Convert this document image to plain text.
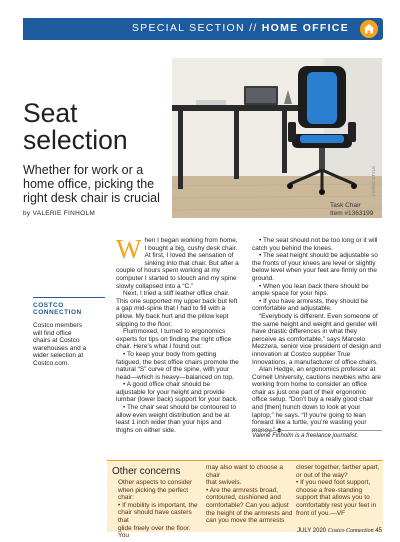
SPECIAL SECTION // HOME OFFICE
LIVING STYLE
Task Chair
Item #1363199
Seat
selection
Whether for work or a
home office, picking the
right desk chair is crucial
by VALERIE FINHOLM
COSTCO
CONNECTION
Costco members
will find office
chairs at Costco
warehouses and a
wider selection at
Costco.com.

When I began working from home, I bought a big, cushy desk chair. At first, I loved the sensation of sinking into that chair. But after a couple of hours spent working at my computer I started to slouch and my spine slowly collapsed into a “C.”

Next, I tried a stiff leather office chair. This one supported my upper back but left a gap mid-spine that I had to fill with a pillow. My back hurt and the pillow kept slipping to the floor.

Flummoxed, I turned to ergonomics experts for tips on finding the right office chair. Here’s what I found out:

• To keep your body from getting fatigued, the best office chairs promote the natural “S” curve of the spine, with your head—which is heavy—balanced on top.

• A good office chair should be adjustable for your height and provide lumbar (lower back) support for your back.

• The chair seat should be contoured to allow even weight distribution and be at least 1 inch wider than your hips and thighs on either side.

• The seat should not be too long or it will catch you behind the knees.

• The seat height should be adjustable so the fronts of your knees are level or slightly below level when your feet are firmly on the ground.

• When you lean back there should be ample space for your hips.

• If you have armrests, they should be comfortable and adjustable.

“Everybody is different. Even someone of the same height and weight and gender will have drastic differences in what they perceive as comfortable,” says Marcelo Mezzera, senior vice president of design and innovation at Costco supplier True Innovations, a manufacturer of office chairs.

Alan Hedge, an ergonomics professor at Cornell University, cautions newbies who are working from home to consider an office chair as just one part of their ergonomic office setup. “Don’t buy a really good chair and [then] hunch down to look at your laptop,” he says. “If you’re going to lean forward like a turtle, you’re wasting your money.” ◆

Valerie Finholm is a freelance journalist.
Other concerns
Other aspects to consider
when picking the perfect chair:
• If mobility is important, the
chair should have casters that
glide freely over the floor. You
may also want to choose a chair
that swivels.
• Are the armrests broad,
contoured, cushioned and
comfortable? Can you adjust
the height of the armrests and
can you move the armrests
closer together, farther apart,
or out of the way?
• If you need foot support,
choose a free-standing
support that allows you to
comfortably rest your feet in
front of you.—VF
JULY 2020 Costco Connection 45
